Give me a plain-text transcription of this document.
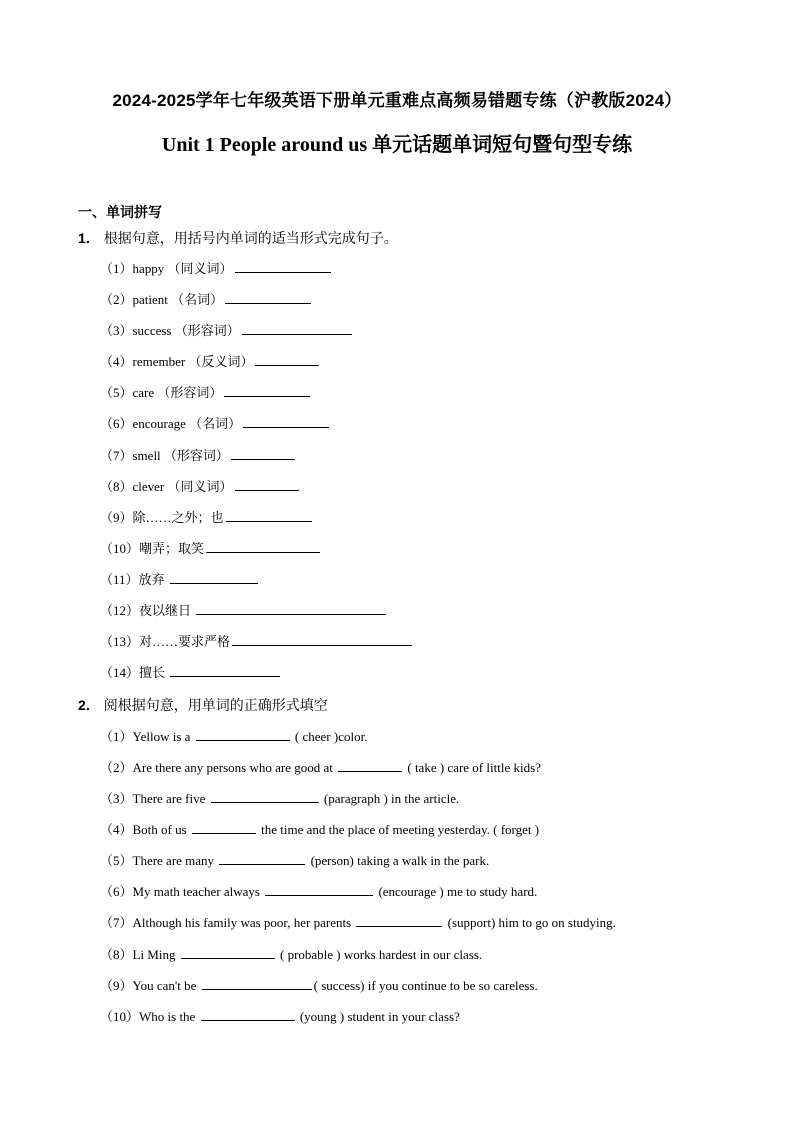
2024-2025学年七年级英语下册单元重难点高频易错题专练（沪教版2024）
Unit 1 People around us 单元话题单词短句暨句型专练
一、单词拼写
1． 根据句意，用括号内单词的适当形式完成句子。
（1）happy （同义词）
（2）patient （名词）
（3）success （形容词）
（4）remember （反义词）
（5）care （形容词）
（6）encourage （名词）
（7）smell （形容词）
（8）clever （同义词）
（9）除……之外；也
（10）嘲弄；取笑
（11）放弃
（12）夜以继日
（13）对……要求严格
（14）擅长
2． 阅根据句意，用单词的正确形式填空
（1）Yellow is a	( cheer )color.
（2）Are there any persons who are good at	( take ) care of little kids?
（3）There are five	(paragraph ) in the article.
（4）Both of us	the time and the place of meeting yesterday. ( forget )
（5）There are many	(person) taking a walk in the park.
（6）My math teacher always	(encourage ) me to study hard.
（7）Although his family was poor, her parents	(support) him to go on studying.
（8）Li Ming	( probable ) works hardest in our class.
（9）You can't be	( success) if you continue to be so careless.
（10）Who is the	(young ) student in your class?
